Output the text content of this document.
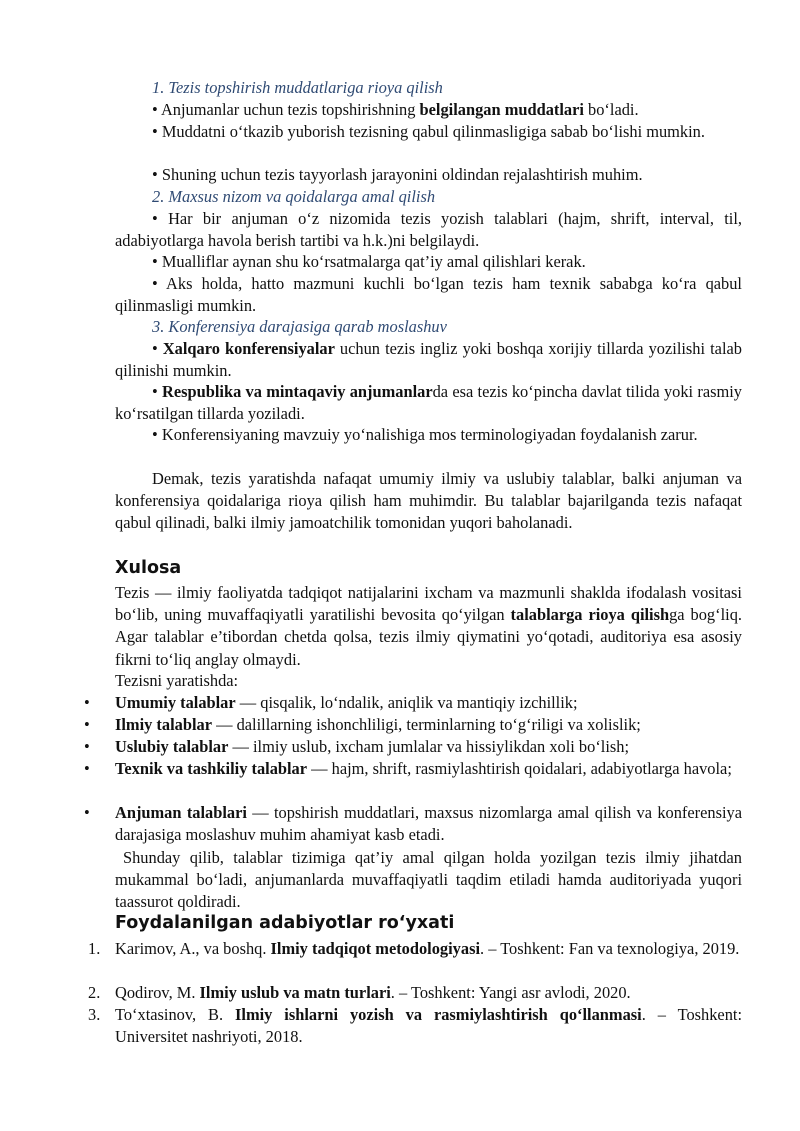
1. Tezis topshirish muddatlariga rioya qilish

• Anjumanlar uchun tezis topshirishning belgilangan muddatlari bo‘ladi.

• Muddatni o‘tkazib yuborish tezisning qabul qilinmasligiga sabab bo‘lishi mumkin.

• Shuning uchun tezis tayyorlash jarayonini oldindan rejalashtirish muhim.

2. Maxsus nizom va qoidalarga amal qilish

• Har bir anjuman o‘z nizomida tezis yozish talablari (hajm, shrift, interval, til, adabiyotlarga havola berish tartibi va h.k.)ni belgilaydi.

• Mualliflar aynan shu ko‘rsatmalarga qat’iy amal qilishlari kerak.

• Aks holda, hatto mazmuni kuchli bo‘lgan tezis ham texnik sababga ko‘ra qabul qilinmasligi mumkin.

3. Konferensiya darajasiga qarab moslashuv

• Xalqaro konferensiyalar uchun tezis ingliz yoki boshqa xorijiy tillarda yozilishi talab qilinishi mumkin.

• Respublika va mintaqaviy anjumanlarda esa tezis ko‘pincha davlat tilida yoki rasmiy ko‘rsatilgan tillarda yoziladi.

• Konferensiyaning mavzuiy yo‘nalishiga mos terminologiyadan foydalanish zarur.

Demak, tezis yaratishda nafaqat umumiy ilmiy va uslubiy talablar, balki anjuman va konferensiya qoidalariga rioya qilish ham muhimdir. Bu talablar bajarilganda tezis nafaqat qabul qilinadi, balki ilmiy jamoatchilik tomonidan yuqori baholanadi.

Xulosa

Tezis — ilmiy faoliyatda tadqiqot natijalarini ixcham va mazmunli shaklda ifodalash vositasi bo‘lib, uning muvaffaqiyatli yaratilishi bevosita qo‘yilgan talablarga rioya qilishga bog‘liq. Agar talablar e’tibordan chetda qolsa, tezis ilmiy qiymatini yo‘qotadi, auditoriya esa asosiy fikrni to‘liq anglay olmaydi.

Tezisni yaratishda:

•	Umumiy talablar — qisqalik, lo‘ndalik, aniqlik va mantiqiy izchillik;

•	Ilmiy talablar — dalillarning ishonchliligi, terminlarning to‘g‘riligi va xolislik;

•	Uslubiy talablar — ilmiy uslub, ixcham jumlalar va hissiylikdan xoli bo‘lish;

•	Texnik va tashkiliy talablar — hajm, shrift, rasmiylashtirish qoidalari, adabiyotlarga havola;

•	Anjuman talablari — topshirish muddatlari, maxsus nizomlarga amal qilish va konferensiya darajasiga moslashuv muhim ahamiyat kasb etadi.

Shunday qilib, talablar tizimiga qat’iy amal qilgan holda yozilgan tezis ilmiy jihatdan mukammal bo‘ladi, anjumanlarda muvaffaqiyatli taqdim etiladi hamda auditoriyada yuqori taassurot qoldiradi.

Foydalanilgan adabiyotlar ro‘yxati
1. Karimov, A., va boshq. Ilmiy tadqiqot metodologiyasi. – Toshkent: Fan va texnologiya, 2019.

2. Qodirov, M. Ilmiy uslub va matn turlari. – Toshkent: Yangi asr avlodi, 2020.

3. To‘xtasinov, B. Ilmiy ishlarni yozish va rasmiylashtirish qo‘llanmasi. – Toshkent: Universitet nashriyoti, 2018.
